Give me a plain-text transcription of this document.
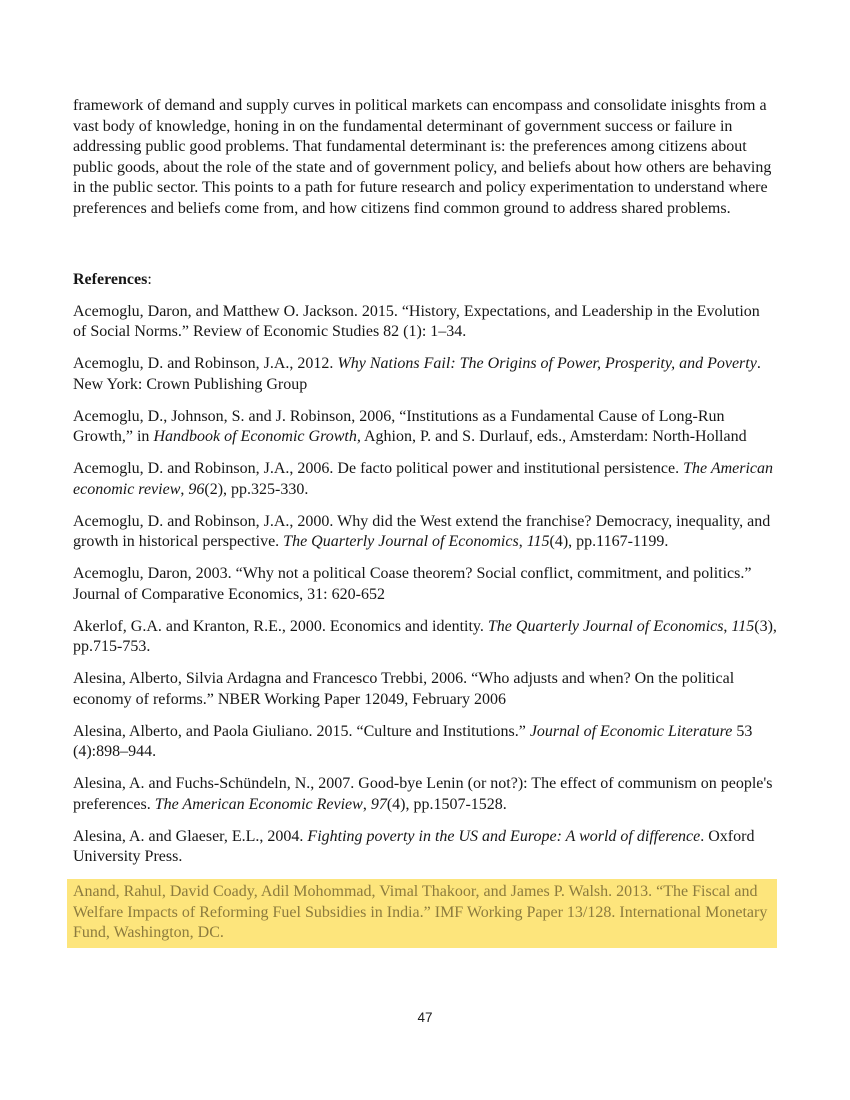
framework of demand and supply curves in political markets can encompass and consolidate inisghts from a vast body of knowledge, honing in on the fundamental determinant of government success or failure in addressing public good problems. That fundamental determinant is: the preferences among citizens about public goods, about the role of the state and of government policy, and beliefs about how others are behaving in the public sector. This points to a path for future research and policy experimentation to understand where preferences and beliefs come from, and how citizens find common ground to address shared problems.

References:

Acemoglu, Daron, and Matthew O. Jackson. 2015. “History, Expectations, and Leadership in the Evolution of Social Norms.” Review of Economic Studies 82 (1): 1–34.

Acemoglu, D. and Robinson, J.A., 2012. Why Nations Fail: The Origins of Power, Prosperity, and Poverty. New York: Crown Publishing Group

Acemoglu, D., Johnson, S. and J. Robinson, 2006, “Institutions as a Fundamental Cause of Long-Run Growth,” in Handbook of Economic Growth, Aghion, P. and S. Durlauf, eds., Amsterdam: North-Holland

Acemoglu, D. and Robinson, J.A., 2006. De facto political power and institutional persistence. The American economic review, 96(2), pp.325-330.

Acemoglu, D. and Robinson, J.A., 2000. Why did the West extend the franchise? Democracy, inequality, and growth in historical perspective. The Quarterly Journal of Economics, 115(4), pp.1167-1199.

Acemoglu, Daron, 2003. “Why not a political Coase theorem? Social conflict, commitment, and politics.” Journal of Comparative Economics, 31: 620-652

Akerlof, G.A. and Kranton, R.E., 2000. Economics and identity. The Quarterly Journal of Economics, 115(3), pp.715-753.

Alesina, Alberto, Silvia Ardagna and Francesco Trebbi, 2006. “Who adjusts and when? On the political economy of reforms.” NBER Working Paper 12049, February 2006

Alesina, Alberto, and Paola Giuliano. 2015. “Culture and Institutions.” Journal of Economic Literature 53 (4):898–944.

Alesina, A. and Fuchs-Schündeln, N., 2007. Good-bye Lenin (or not?): The effect of communism on people's preferences. The American Economic Review, 97(4), pp.1507-1528.

Alesina, A. and Glaeser, E.L., 2004. Fighting poverty in the US and Europe: A world of difference. Oxford University Press.

Anand, Rahul, David Coady, Adil Mohommad, Vimal Thakoor, and James P. Walsh. 2013. “The Fiscal and Welfare Impacts of Reforming Fuel Subsidies in India.” IMF Working Paper 13/128. International Monetary Fund, Washington, DC.

47
